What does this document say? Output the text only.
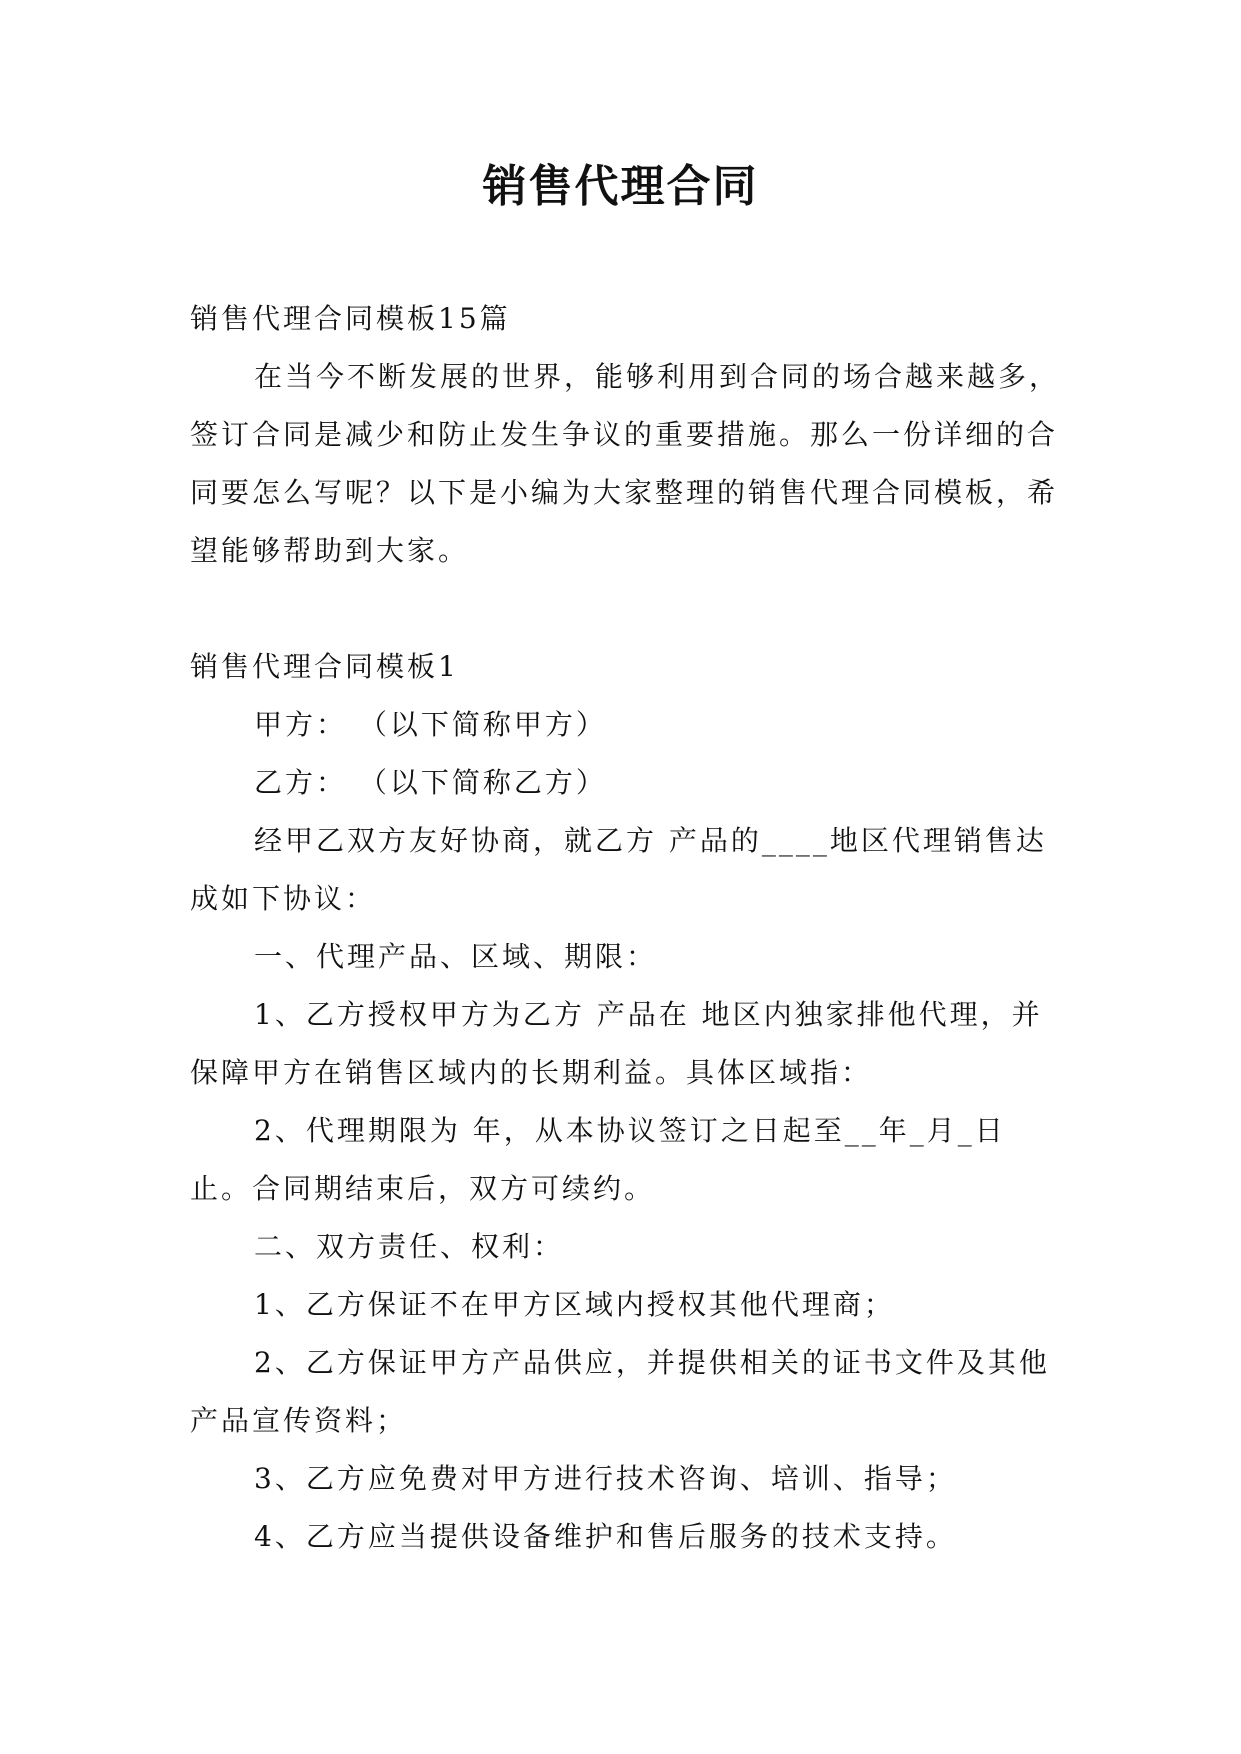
销售代理合同

销售代理合同模板15篇

在当今不断发展的世界，能够利用到合同的场合越来越多，签订合同是减少和防止发生争议的重要措施。那么一份详细的合同要怎么写呢？以下是小编为大家整理的销售代理合同模板，希望能够帮助到大家。

销售代理合同模板1

甲方： （以下简称甲方）

乙方： （以下简称乙方）

经甲乙双方友好协商，就乙方 产品的____地区代理销售达成如下协议：

一、代理产品、区域、期限：

1、乙方授权甲方为乙方 产品在 地区内独家排他代理，并保障甲方在销售区域内的长期利益。具体区域指：

2、代理期限为 年，从本协议签订之日起至__年_月_日止。合同期结束后，双方可续约。

二、双方责任、权利：

1、乙方保证不在甲方区域内授权其他代理商；

2、乙方保证甲方产品供应，并提供相关的证书文件及其他产品宣传资料；

3、乙方应免费对甲方进行技术咨询、培训、指导；

4、乙方应当提供设备维护和售后服务的技术支持。
